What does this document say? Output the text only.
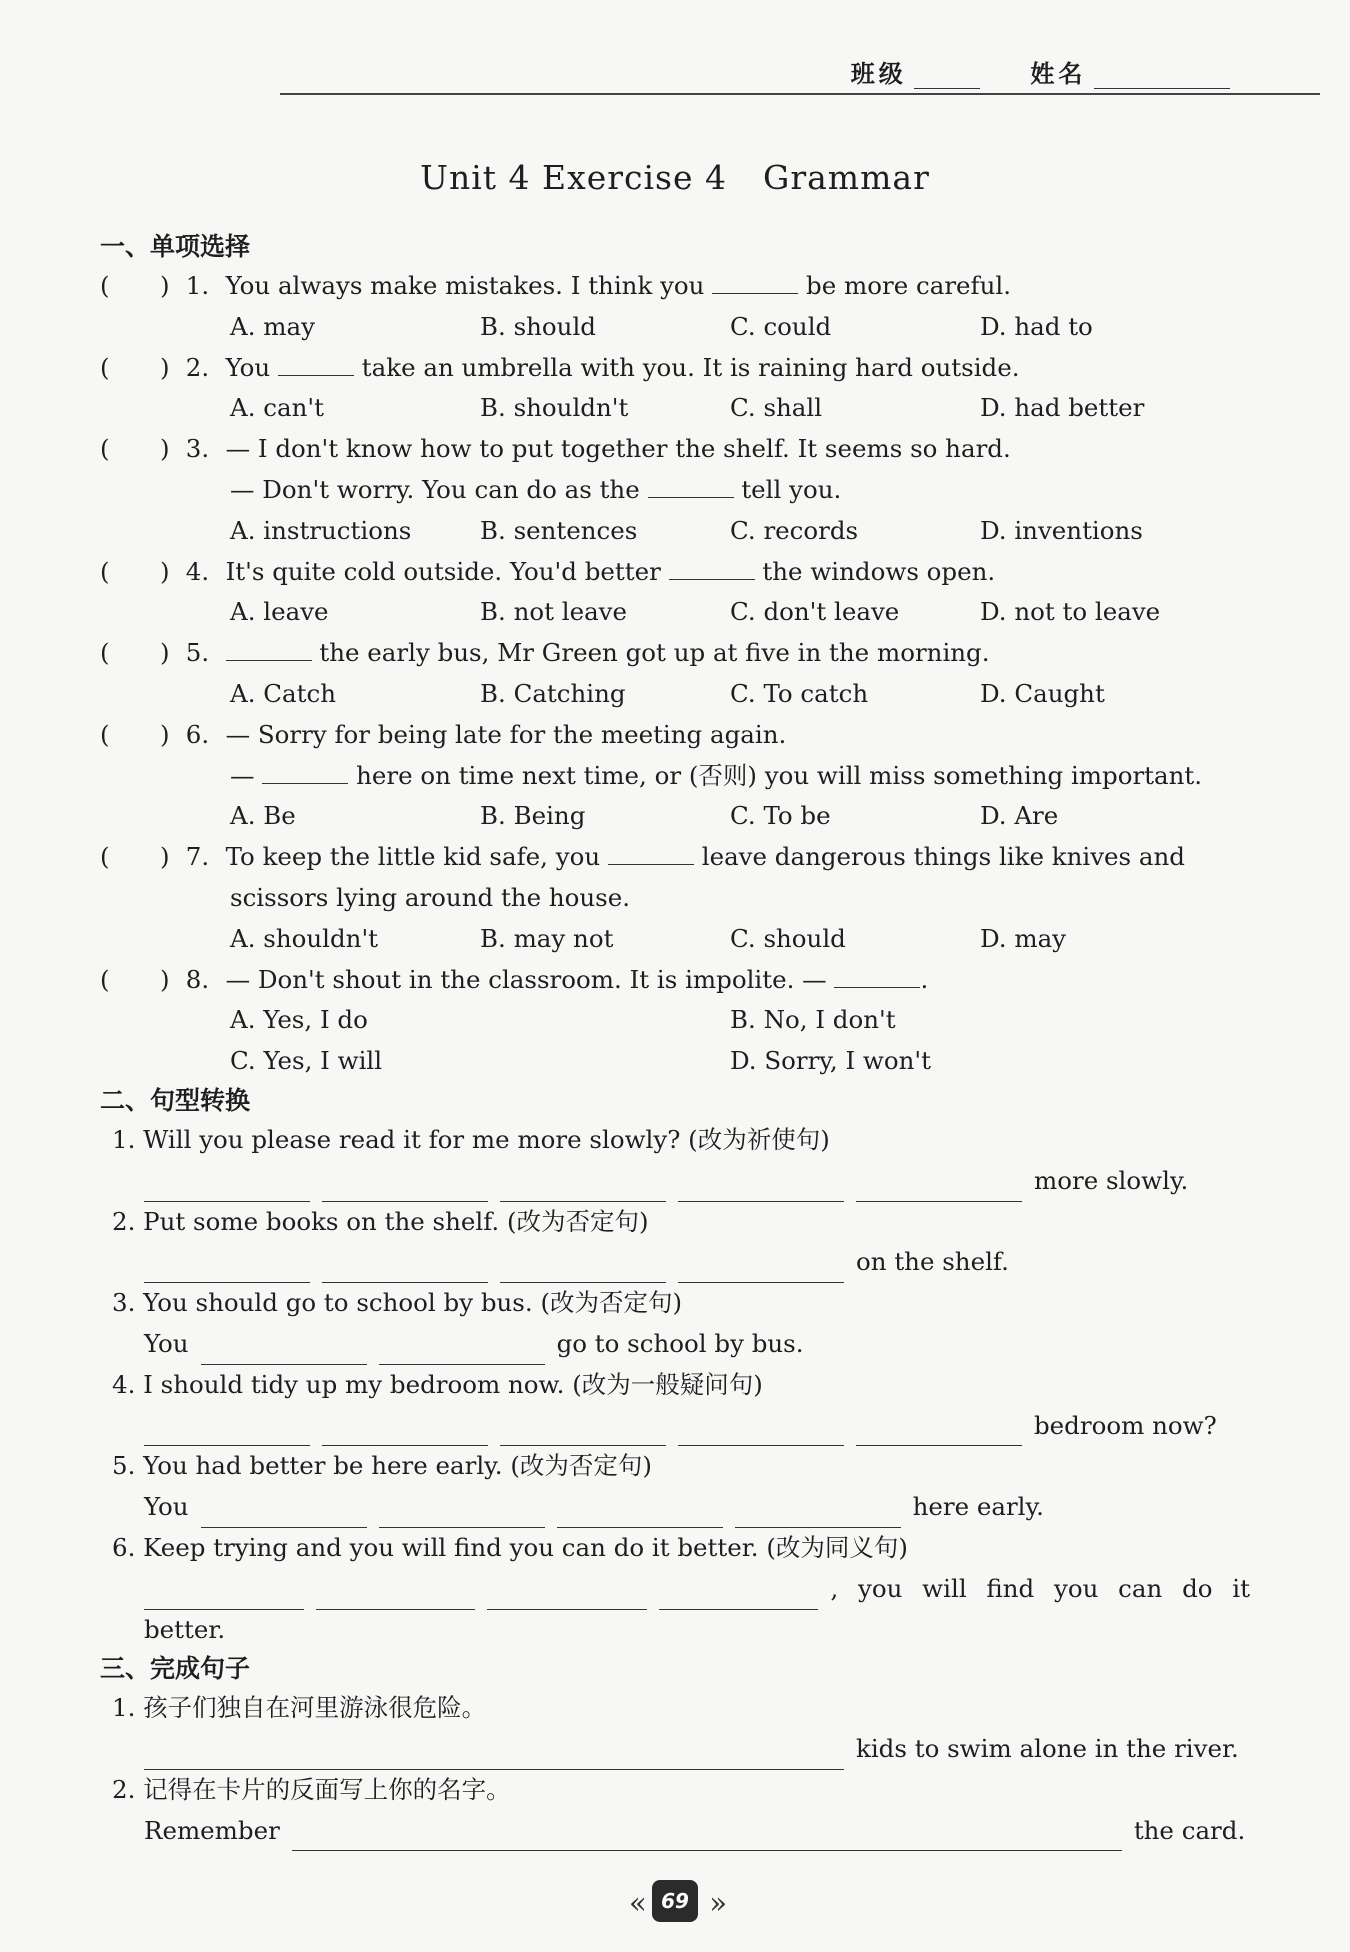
班级	姓名
Unit 4 Exercise 4 Grammar
一、单项选择
( ) 1. You always make mistakes. I think you	be more careful.
A. may	B. should	C. could	D. had to
( ) 2. You	take an umbrella with you. It is raining hard outside.
A. can't	B. shouldn't	C. shall	D. had better
( ) 3. — I don't know how to put together the shelf. It seems so hard.
— Don't worry. You can do as the	tell you.
A. instructions	B. sentences	C. records	D. inventions
( ) 4. It's quite cold outside. You'd better	the windows open.
A. leave	B. not leave	C. don't leave	D. not to leave
( ) 5.	the early bus, Mr Green got up at five in the morning.
A. Catch	B. Catching	C. To catch	D. Caught
( ) 6. — Sorry for being late for the meeting again.
—	here on time next time, or (否则) you will miss something important.
A. Be	B. Being	C. To be	D. Are
( ) 7. To keep the little kid safe, you	leave dangerous things like knives and
scissors lying around the house.
A. shouldn't	B. may not	C. should	D. may
( ) 8. — Don't shout in the classroom. It is impolite. —	.
A. Yes, I do	B. No, I don't
C. Yes, I will	D. Sorry, I won't
二、句型转换
1. Will you please read it for me more slowly? (改为祈使句)
more slowly.
2. Put some books on the shelf. (改为否定句)
on the shelf.
3. You should go to school by bus. (改为否定句)
You	go to school by bus.
4. I should tidy up my bedroom now. (改为一般疑问句)
bedroom now?
5. You had better be here early. (改为否定句)
You	here early.
6. Keep trying and you will find you can do it better. (改为同义句)
, you will find you can do it
better.
三、完成句子
1. 孩子们独自在河里游泳很危险。
kids to swim alone in the river.
2. 记得在卡片的反面写上你的名字。
Remember	the card.
‹‹ 69 ››
